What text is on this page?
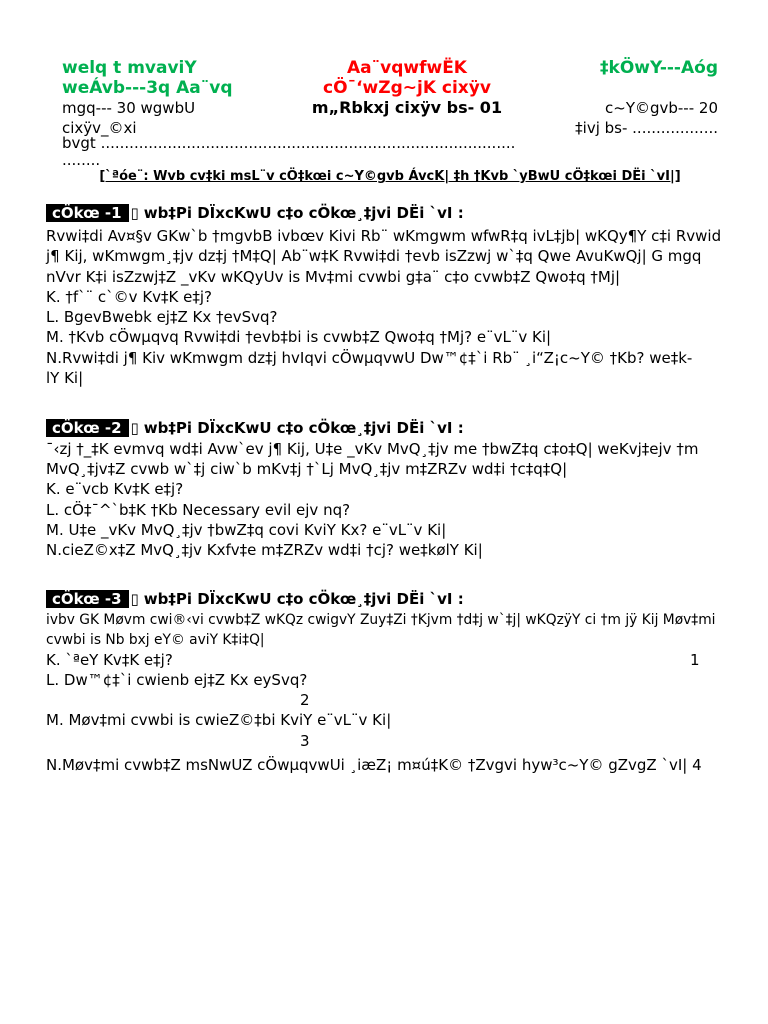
welq t mvaviY	Aa¨vqwfwËK	‡kÖwY---Aóg
weÁvb---3q Aa¨vq	cÖ¯‘wZg~jK cixÿv
mgq--- 30 wgwbU	m„Rbkxj cixÿv bs- 01	c~Y©gvb--- 20
cixÿv_©xi	‡ivj bs- ..................
bvgt .......................................................................................
........
[`ªóe¨: Wvb cv‡ki msL¨v cÖ‡kœi c~Y©gvb ÁvcK| ‡h †Kvb `yBwU cÖ‡kœi DËi `vI|]
cÖkœ -1 ▯ wb‡Pi DÏxcKwU c‡o cÖkœ¸‡jvi DËi `vI :
Rvwi‡di Av¤§v GKw`b †mgvbB ivbœv Kivi Rb¨ wKmgwm wfwR‡q ivL‡jb| wKQy¶Y c‡i Rvwid
j¶ Kij, wKmwgm¸‡jv dz‡j †M‡Q| Ab¨w‡K Rvwi‡di †evb isZzwj w`‡q Qwe AvuKwQj| G mgq
nVvr K‡i isZzwj‡Z _vKv wKQyUv is Mv‡mi cvwbi g‡a¨ c‡o cvwb‡Z Qwo‡q †Mj|
K. †f`¨ c`©v Kv‡K e‡j?
L. BgevBwebk ej‡Z Kx †evSvq?
M. †Kvb cÖwµqvq Rvwi‡di †evb‡bi is cvwb‡Z Qwo‡q †Mj? e¨vL¨v Ki|
N.Rvwi‡di j¶ Kiv wKmwgm dz‡j hvIqvi cÖwµqvwU Dw™¢‡`i Rb¨ ¸i“Z¡c~Y© †Kb? we‡k-
lY Ki|
cÖkœ -2 ▯ wb‡Pi DÏxcKwU c‡o cÖkœ¸‡jvi DËi `vI :
¯‹zj †_‡K evmvq wd‡i Avw`ev j¶ Kij, U‡e _vKv MvQ¸‡jv me †bwZ‡q c‡o‡Q| weKvj‡ejv †m
MvQ¸‡jv‡Z cvwb w`‡j ciw`b mKv‡j †`Lj MvQ¸‡jv m‡ZRZv wd‡i †c‡q‡Q|
K. e¨vcb Kv‡K e‡j?
L. cÖ‡¯^`b‡K †Kb Necessary evil ejv nq?
M. U‡e _vKv MvQ¸‡jv †bwZ‡q covi KviY Kx? e¨vL¨v Ki|
N.cieZ©x‡Z MvQ¸‡jv Kxfv‡e m‡ZRZv wd‡i †cj? we‡kølY Ki|
cÖkœ -3 ▯ wb‡Pi DÏxcKwU c‡o cÖkœ¸‡jvi DËi `vI :
ivbv GK Møvm cwi®‹vi cvwb‡Z wKQz cwigvY Zuy‡Zi †Kjvm †d‡j w`‡j| wKQzÿY ci †m jÿ Kij Møv‡mi
cvwbi is Nb bxj eY© aviY K‡i‡Q|
K. `ªeY Kv‡K e‡j?	1
L. Dw™¢‡`i cwienb ej‡Z Kx eySvq?
2
M. Møv‡mi cvwbi is cwieZ©‡bi KviY e¨vL¨v Ki|
3
N.Møv‡mi cvwb‡Z msNwUZ cÖwµqvwUi ¸iæZ¡ m¤ú‡K© †Zvgvi hyw³c~Y© gZvgZ `vI| 4
